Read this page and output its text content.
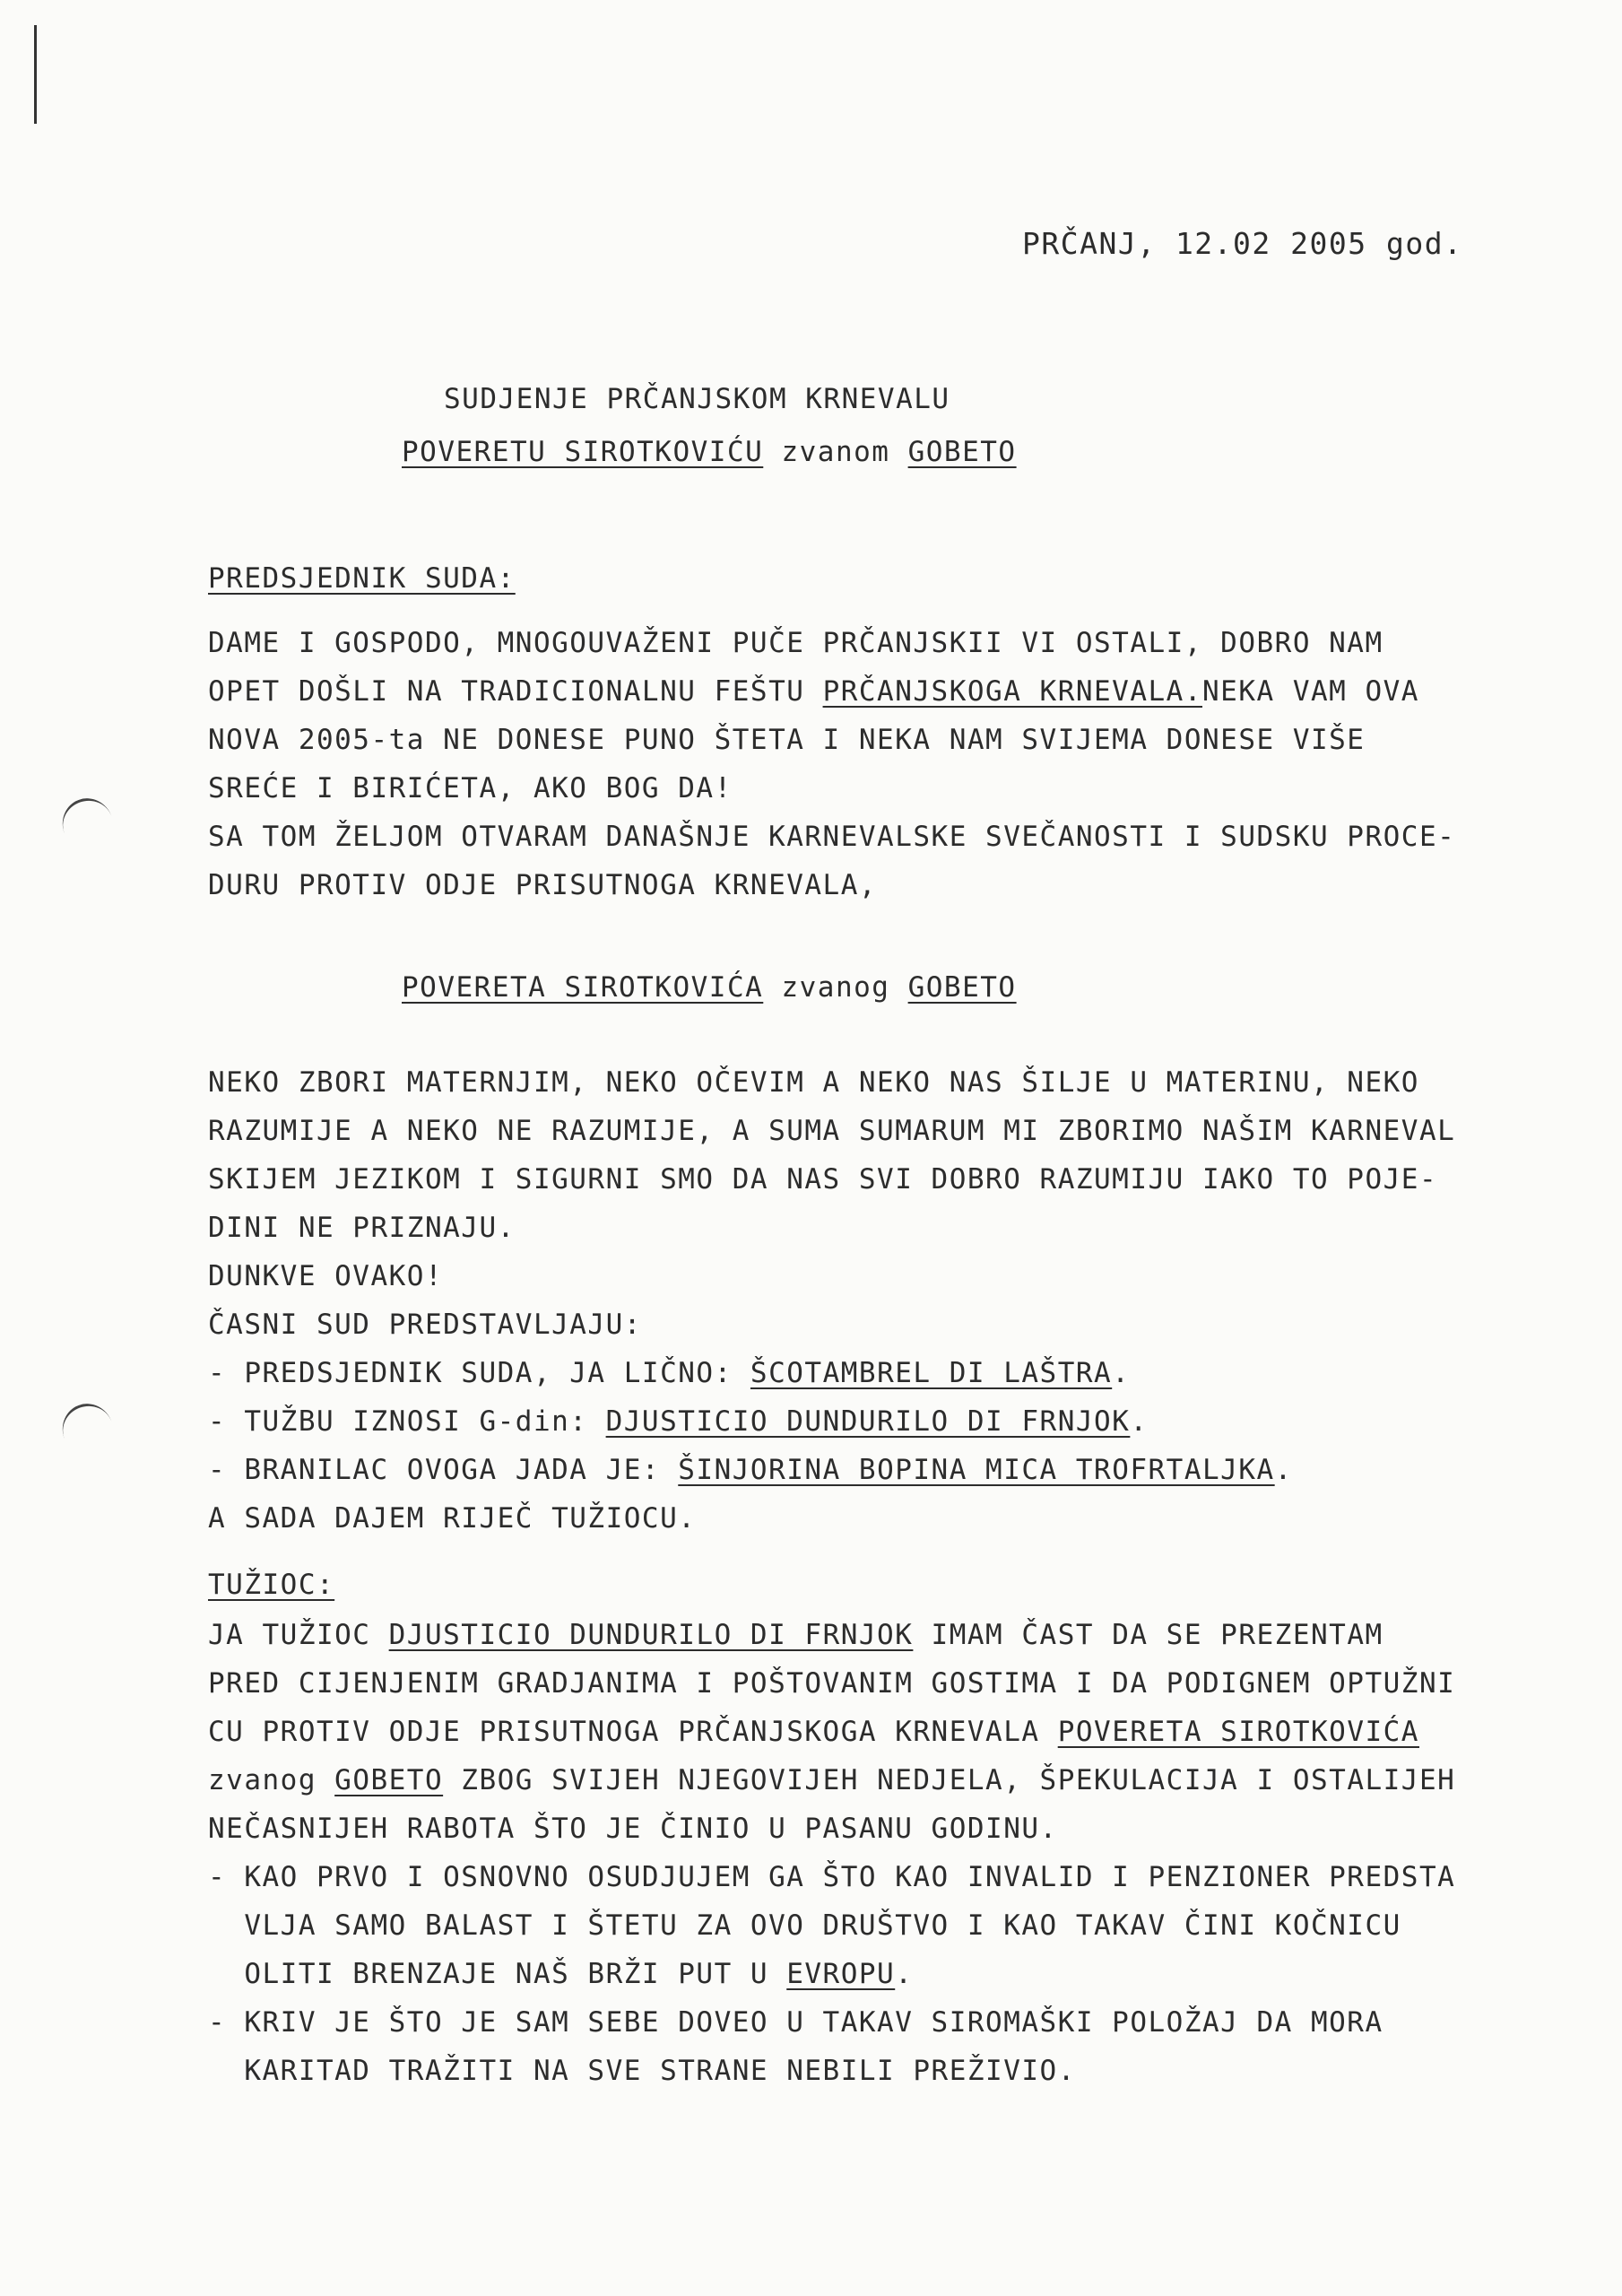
PRČANJ, 12.02 2005 god.
SUDJENJE PRČANJSKOM KRNEVALU
POVERETU SIROTKOVIĆU zvanom GOBETO
PREDSJEDNIK SUDA:
DAME I GOSPODO, MNOGOUVAŽENI PUČE PRČANJSKII VI OSTALI, DOBRO NAM
OPET DOŠLI NA TRADICIONALNU FEŠTU PRČANJSKOGA KRNEVALA.NEKA VAM OVA
NOVA 2005-ta NE DONESE PUNO ŠTETA I NEKA NAM SVIJEMA DONESE VIŠE
SREĆE I BIRIĆETA, AKO BOG DA!
SA TOM ŽELJOM OTVARAM DANAŠNJE KARNEVALSKE SVEČANOSTI I SUDSKU PROCE-
DURU PROTIV ODJE PRISUTNOGA KRNEVALA,
POVERETA SIROTKOVIĆA zvanog GOBETO
NEKO ZBORI MATERNJIM, NEKO OČEVIM A NEKO NAS ŠILJE U MATERINU, NEKO
RAZUMIJE A NEKO NE RAZUMIJE, A SUMA SUMARUM MI ZBORIMO NAŠIM KARNEVAL
SKIJEM JEZIKOM I SIGURNI SMO DA NAS SVI DOBRO RAZUMIJU IAKO TO POJE-
DINI NE PRIZNAJU.
DUNKVE OVAKO!
ČASNI SUD PREDSTAVLJAJU:
- PREDSJEDNIK SUDA, JA LIČNO: ŠCOTAMBREL DI LAŠTRA.
- TUŽBU IZNOSI G-din: DJUSTICIO DUNDURILO DI FRNJOK.
- BRANILAC OVOGA JADA JE: ŠINJORINA BOPINA MICA TROFRTALJKA.
A SADA DAJEM RIJEČ TUŽIOCU.
TUŽIOC:
JA TUŽIOC DJUSTICIO DUNDURILO DI FRNJOK IMAM ČAST DA SE PREZENTAM
PRED CIJENJENIM GRADJANIMA I POŠTOVANIM GOSTIMA I DA PODIGNEM OPTUŽNI
CU PROTIV ODJE PRISUTNOGA PRČANJSKOGA KRNEVALA POVERETA SIROTKOVIĆA
zvanog GOBETO ZBOG SVIJEH NJEGOVIJEH NEDJELA, ŠPEKULACIJA I OSTALIJEH
NEČASNIJEH RABOTA ŠTO JE ČINIO U PASANU GODINU.
- KAO PRVO I OSNOVNO OSUDJUJEM GA ŠTO KAO INVALID I PENZIONER PREDSTA
VLJA SAMO BALAST I ŠTETU ZA OVO DRUŠTVO I KAO TAKAV ČINI KOČNICU
OLITI BRENZAJE NAŠ BRŽI PUT U EVROPU.
- KRIV JE ŠTO JE SAM SEBE DOVEO U TAKAV SIROMAŠKI POLOŽAJ DA MORA
KARITAD TRAŽITI NA SVE STRANE NEBILI PREŽIVIO.
